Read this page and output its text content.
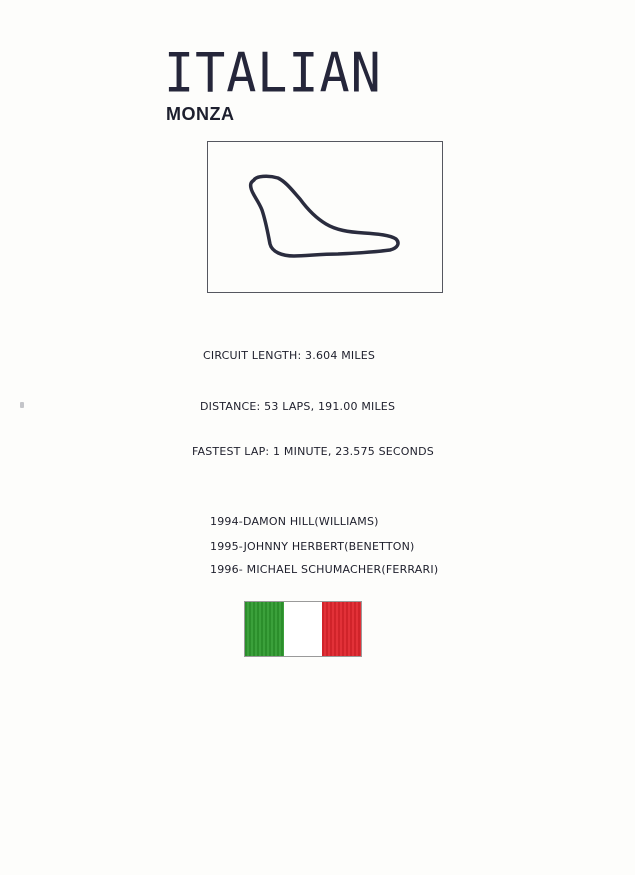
ITALIAN
MONZA
CIRCUIT LENGTH: 3.604 MILES
DISTANCE: 53 LAPS, 191.00 MILES
FASTEST LAP: 1 MINUTE, 23.575 SECONDS
1994-DAMON HILL(WILLIAMS)
1995-JOHNNY HERBERT(BENETTON)
1996- MICHAEL SCHUMACHER(FERRARI)
